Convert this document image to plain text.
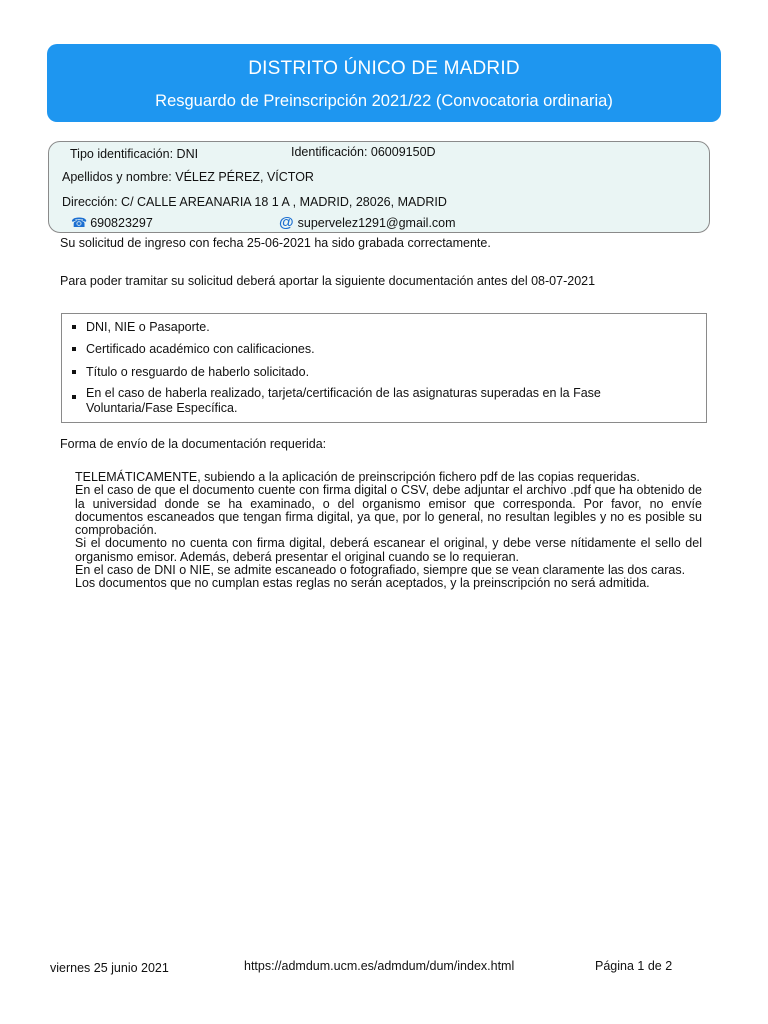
DISTRITO ÚNICO DE MADRID
Resguardo de Preinscripción 2021/22 (Convocatoria ordinaria)
Tipo identificación: DNI	Identificación: 06009150D
Apellidos y nombre: VÉLEZ PÉREZ, VÍCTOR
Dirección: C/ CALLE AREANARIA 18 1 A , MADRID, 28026, MADRID
☎ 690823297	@ supervelez1291@gmail.com
Su solicitud de ingreso con fecha 25-06-2021 ha sido grabada correctamente.
Para poder tramitar su solicitud deberá aportar la siguiente documentación antes del 08-07-2021
DNI, NIE o Pasaporte.
Certificado académico con calificaciones.
Título o resguardo de haberlo solicitado.
En el caso de haberla realizado, tarjeta/certificación de las asignaturas superadas en la Fase Voluntaria/Fase Específica.
Forma de envío de la documentación requerida:

TELEMÁTICAMENTE, subiendo a la aplicación de preinscripción fichero pdf de las copias requeridas.

En el caso de que el documento cuente con firma digital o CSV, debe adjuntar el archivo .pdf que ha obtenido de la universidad donde se ha examinado, o del organismo emisor que corresponda. Por favor, no envíe documentos escaneados que tengan firma digital, ya que, por lo general, no resultan legibles y no es posible su comprobación.

Si el documento no cuenta con firma digital, deberá escanear el original, y debe verse nítidamente el sello del organismo emisor. Además, deberá presentar el original cuando se lo requieran.

En el caso de DNI o NIE, se admite escaneado o fotografiado, siempre que se vean claramente las dos caras.

Los documentos que no cumplan estas reglas no serán aceptados, y la preinscripción no será admitida.

viernes 25 junio 2021	https://admdum.ucm.es/admdum/dum/index.html	Página 1 de 2
